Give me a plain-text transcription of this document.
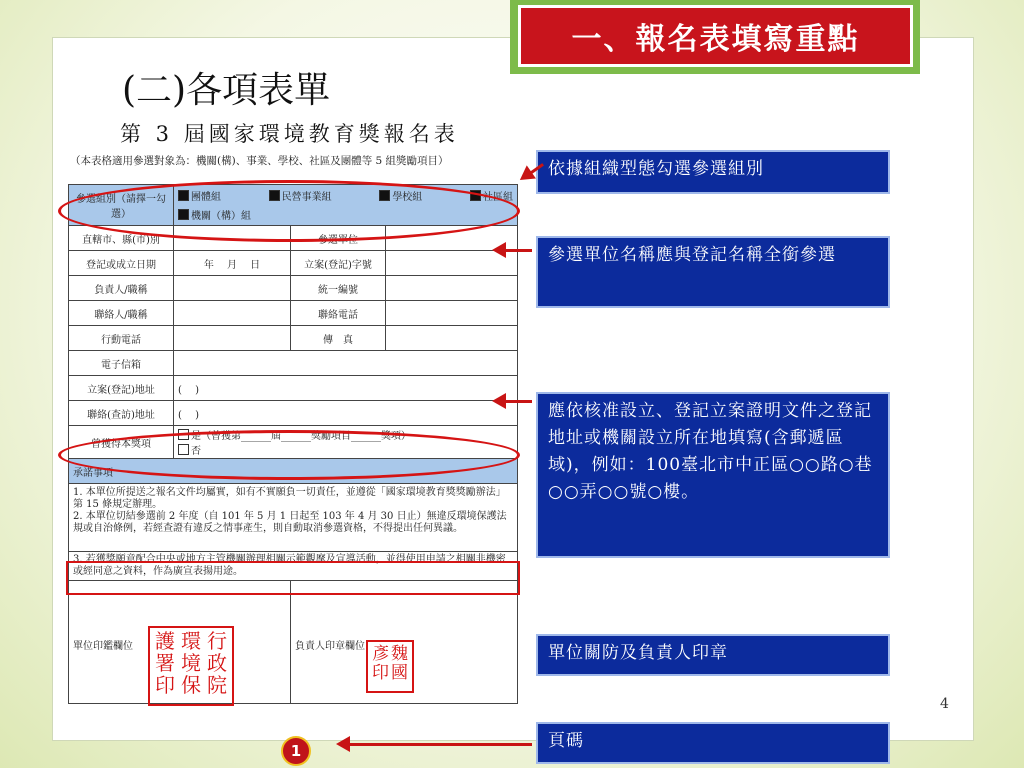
一、報名表填寫重點
(二)各項表單
第 3 屆國家環境教育獎報名表
（本表格適用參選對象為：機關(構)、事業、學校、社區及團體等 5 組獎勵項目）
參選組別（請擇一勾選）	團體組 民營事業組 學校組 社區組
機關（構）組		

直轄市、縣(市)別		參選單位	
登記或成立日期	年　 月　 日	立案(登記)字號	
負責人/職稱		統一編號	
聯絡人/職稱		聯絡電話	
行動電話		傳　真	
電子信箱			
立案(登記)地址	(　 )		
聯絡(查訪)地址	(　 )		
曾獲得本獎項	是（曾獲第______屆______獎勵項目______獎項）
否		

承諾事項			

1. 本單位所提送之報名文件均屬實，如有不實願負一切責任，並遵從「國家環境教育獎獎勵辦法」第 15 條規定辦理。
2. 本單位切結參選前 2 年度（自 101 年 5 月 1 日起至 103 年 4 月 30 日止）無違反環境保護法規或自治條例，若經查證有違反之情事產生，則自動取消參選資格，不得提出任何異議。			

3. 若獲獎願意配合中央或地方主管機關辦理相關示範觀摩及宣導活動，並得使用申請之相關非機密或經同意之資料，作為廣宣表揚用途。			
單位印鑑欄位		負責人印章欄位	
行
政
院
環
境
保
護
署
印
魏
國
彥
印
依據組織型態勾選參選組別
參選單位名稱應與登記名稱全銜參選
應依核准設立、登記立案證明文件之登記地址或機關設立所在地填寫(含郵遞區域)，例如：100臺北市中正區○○路○巷○○弄○○號○樓。
單位關防及負責人印章
頁碼
4
1
